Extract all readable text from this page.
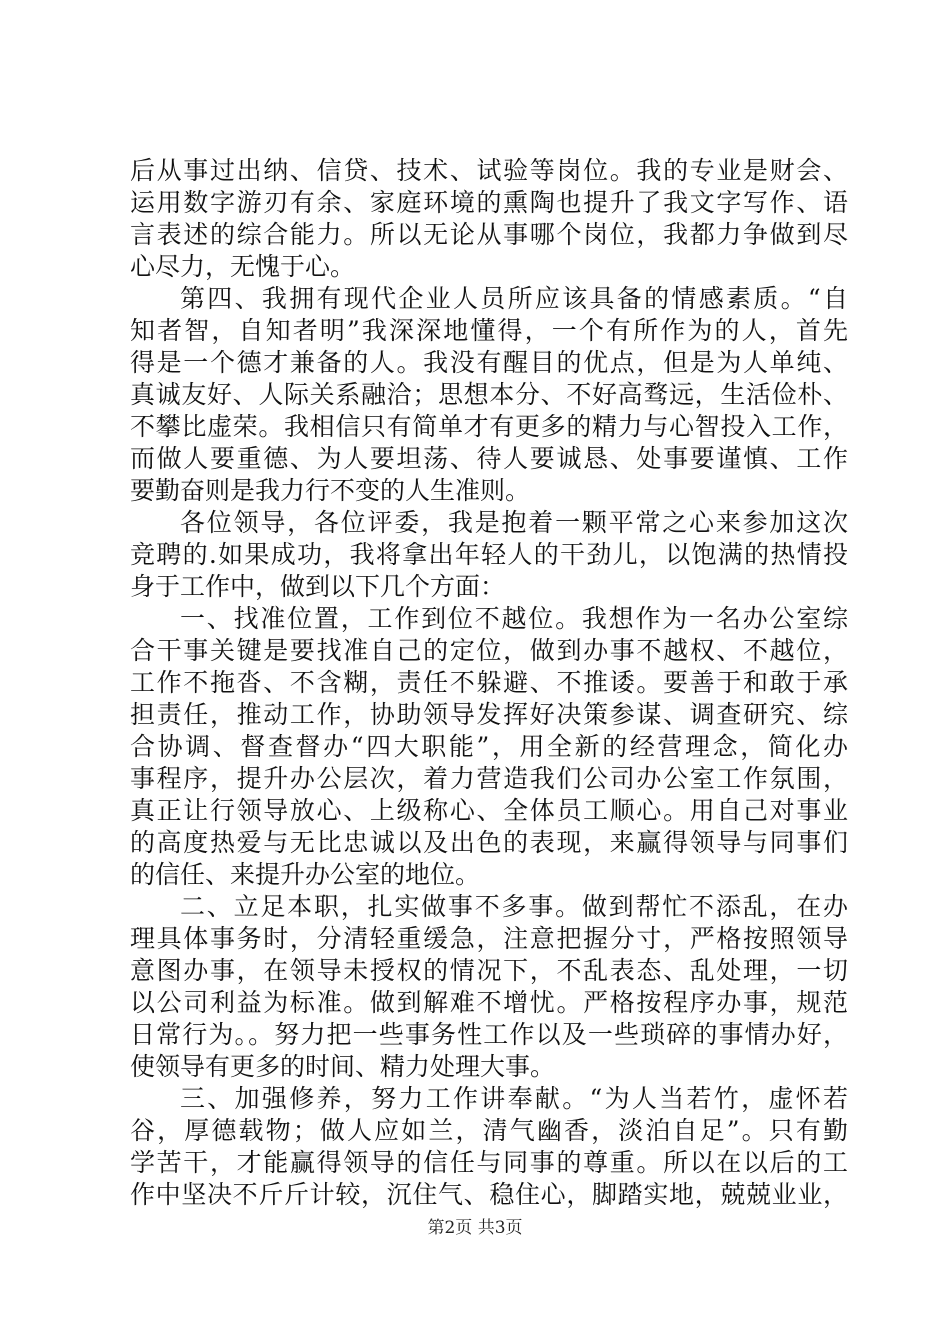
后从事过出纳、信贷、技术、试验等岗位。我的专业是财会、
运用数字游刃有余、家庭环境的熏陶也提升了我文字写作、语
言表述的综合能力。所以无论从事哪个岗位，我都力争做到尽
心尽力，无愧于心。
第四、我拥有现代企业人员所应该具备的情感素质。“自
知者智，自知者明”我深深地懂得，一个有所作为的人，首先
得是一个德才兼备的人。我没有醒目的优点，但是为人单纯、
真诚友好、人际关系融洽；思想本分、不好高骛远，生活俭朴、
不攀比虚荣。我相信只有简单才有更多的精力与心智投入工作，
而做人要重德、为人要坦荡、待人要诚恳、处事要谨慎、工作
要勤奋则是我力行不变的人生准则。
各位领导，各位评委，我是抱着一颗平常之心来参加这次
竞聘的.如果成功，我将拿出年轻人的干劲儿，以饱满的热情投
身于工作中，做到以下几个方面：
一、找准位置，工作到位不越位。我想作为一名办公室综
合干事关键是要找准自己的定位，做到办事不越权、不越位，
工作不拖沓、不含糊，责任不躲避、不推诿。要善于和敢于承
担责任，推动工作，协助领导发挥好决策参谋、调查研究、综
合协调、督查督办“四大职能”，用全新的经营理念，简化办
事程序，提升办公层次，着力营造我们公司办公室工作氛围，
真正让行领导放心、上级称心、全体员工顺心。用自己对事业
的高度热爱与无比忠诚以及出色的表现，来赢得领导与同事们
的信任、来提升办公室的地位。
二、立足本职，扎实做事不多事。做到帮忙不添乱，在办
理具体事务时，分清轻重缓急，注意把握分寸，严格按照领导
意图办事，在领导未授权的情况下，不乱表态、乱处理，一切
以公司利益为标准。做到解难不增忧。严格按程序办事，规范
日常行为。。努力把一些事务性工作以及一些琐碎的事情办好，
使领导有更多的时间、精力处理大事。
三、加强修养，努力工作讲奉献。“为人当若竹，虚怀若
谷，厚德载物；做人应如兰，清气幽香，淡泊自足”。只有勤
学苦干，才能赢得领导的信任与同事的尊重。所以在以后的工
作中坚决不斤斤计较，沉住气、稳住心，脚踏实地，兢兢业业，
第2页 共3页
